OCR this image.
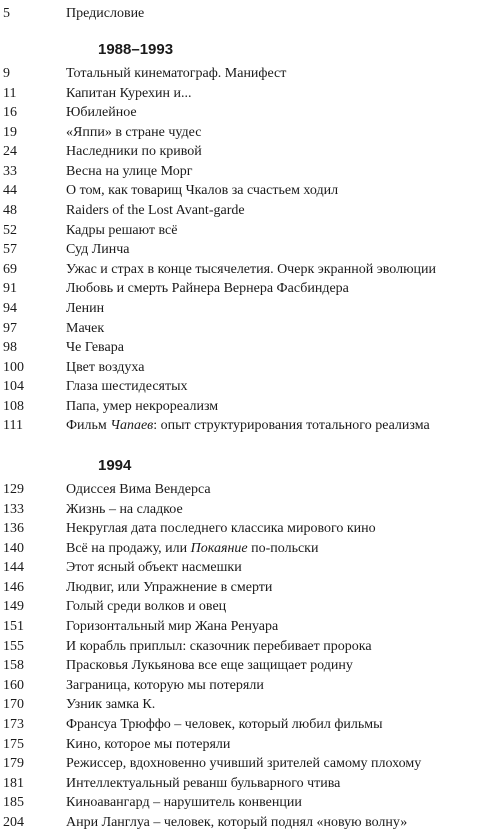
5	Предисловие
1988–1993
9	Тотальный кинематограф. Манифест
11	Капитан Курехин и...
16	Юбилейное
19	«Яппи» в стране чудес
24	Наследники по кривой
33	Весна на улице Морг
44	О том, как товарищ Чкалов за счастьем ходил
48	Raiders of the Lost Avant-garde
52	Кадры решают всё
57	Суд Линча
69	Ужас и страх в конце тысячелетия. Очерк экранной эволюции
91	Любовь и смерть Райнера Вернера Фасбиндера
94	Ленин
97	Мачек
98	Че Гевара
100	Цвет воздуха
104	Глаза шестидесятых
108	Папа, умер некрореализм
111	Фильм Чапаев: опыт структурирования тотального реализма
1994
129	Одиссея Вима Вендерса
133	Жизнь – на сладкое
136	Некруглая дата последнего классика мирового кино
140	Всё на продажу, или Покаяние по-польски
144	Этот ясный объект насмешки
146	Людвиг, или Упражнение в смерти
149	Голый среди волков и овец
151	Горизонтальный мир Жана Ренуара
155	И корабль приплыл: сказочник перебивает пророка
158	Прасковья Лукьянова все еще защищает родину
160	Заграница, которую мы потеряли
170	Узник замка К.
173	Франсуа Трюффо – человек, который любил фильмы
175	Кино, которое мы потеряли
179	Режиссер, вдохновенно учивший зрителей самому плохому
181	Интеллектуальный реванш бульварного чтива
185	Киноавангард – нарушитель конвенции
204	Анри Ланглуа – человек, который поднял «новую волну»
